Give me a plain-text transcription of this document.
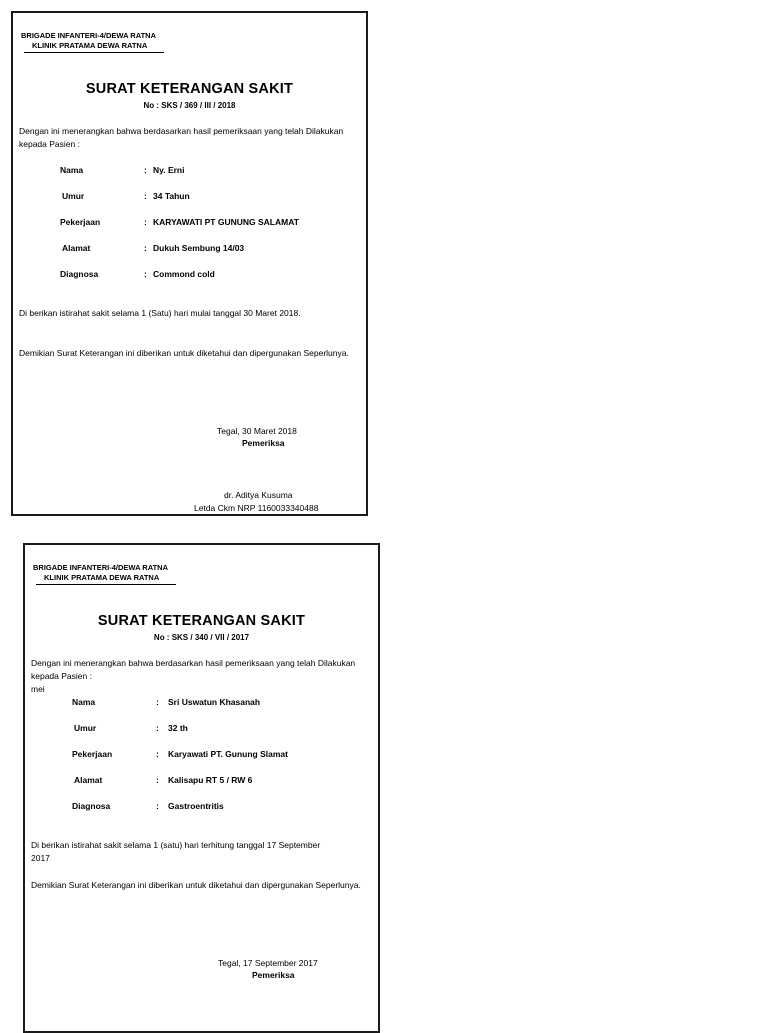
BRIGADE INFANTERI-4/DEWA RATNA
KLINIK PRATAMA DEWA RATNA
SURAT KETERANGAN SAKIT
No : SKS / 369 / III / 2018
Dengan ini menerangkan bahwa berdasarkan hasil pemeriksaan yang telah Dilakukan kepada Pasien :
Nama	: Ny. Erni
Umur	: 34 Tahun
Pekerjaan	: KARYAWATI PT GUNUNG SALAMAT
Alamat	: Dukuh Sembung 14/03
Diagnosa	: Commond cold
Di berikan istirahat sakit selama 1 (Satu) hari mulai tanggal 30 Maret 2018.
Demikian Surat Keterangan ini diberikan untuk diketahui dan dipergunakan Seperlunya.
Tegal, 30 Maret 2018
Pemeriksa
dr. Aditya Kusuma
Letda Ckm NRP 1160033340488
BRIGADE INFANTERI-4/DEWA RATNA
KLINIK PRATAMA DEWA RATNA
SURAT KETERANGAN SAKIT
No : SKS / 340 / VII / 2017
Dengan ini menerangkan bahwa berdasarkan hasil pemeriksaan yang telah Dilakukan kepada Pasien :
mei
Nama	: Sri Uswatun Khasanah
Umur	: 32 th
Pekerjaan	: Karyawati PT. Gunung Slamat
Alamat	: Kalisapu RT 5 / RW 6
Diagnosa	: Gastroentritis
Di berikan istirahat sakit selama 1 (satu) hari terhitung tanggal 17 September 2017
Demikian Surat Keterangan ini diberikan untuk diketahui dan dipergunakan Seperlunya.
Tegal, 17 September 2017
Pemeriksa
